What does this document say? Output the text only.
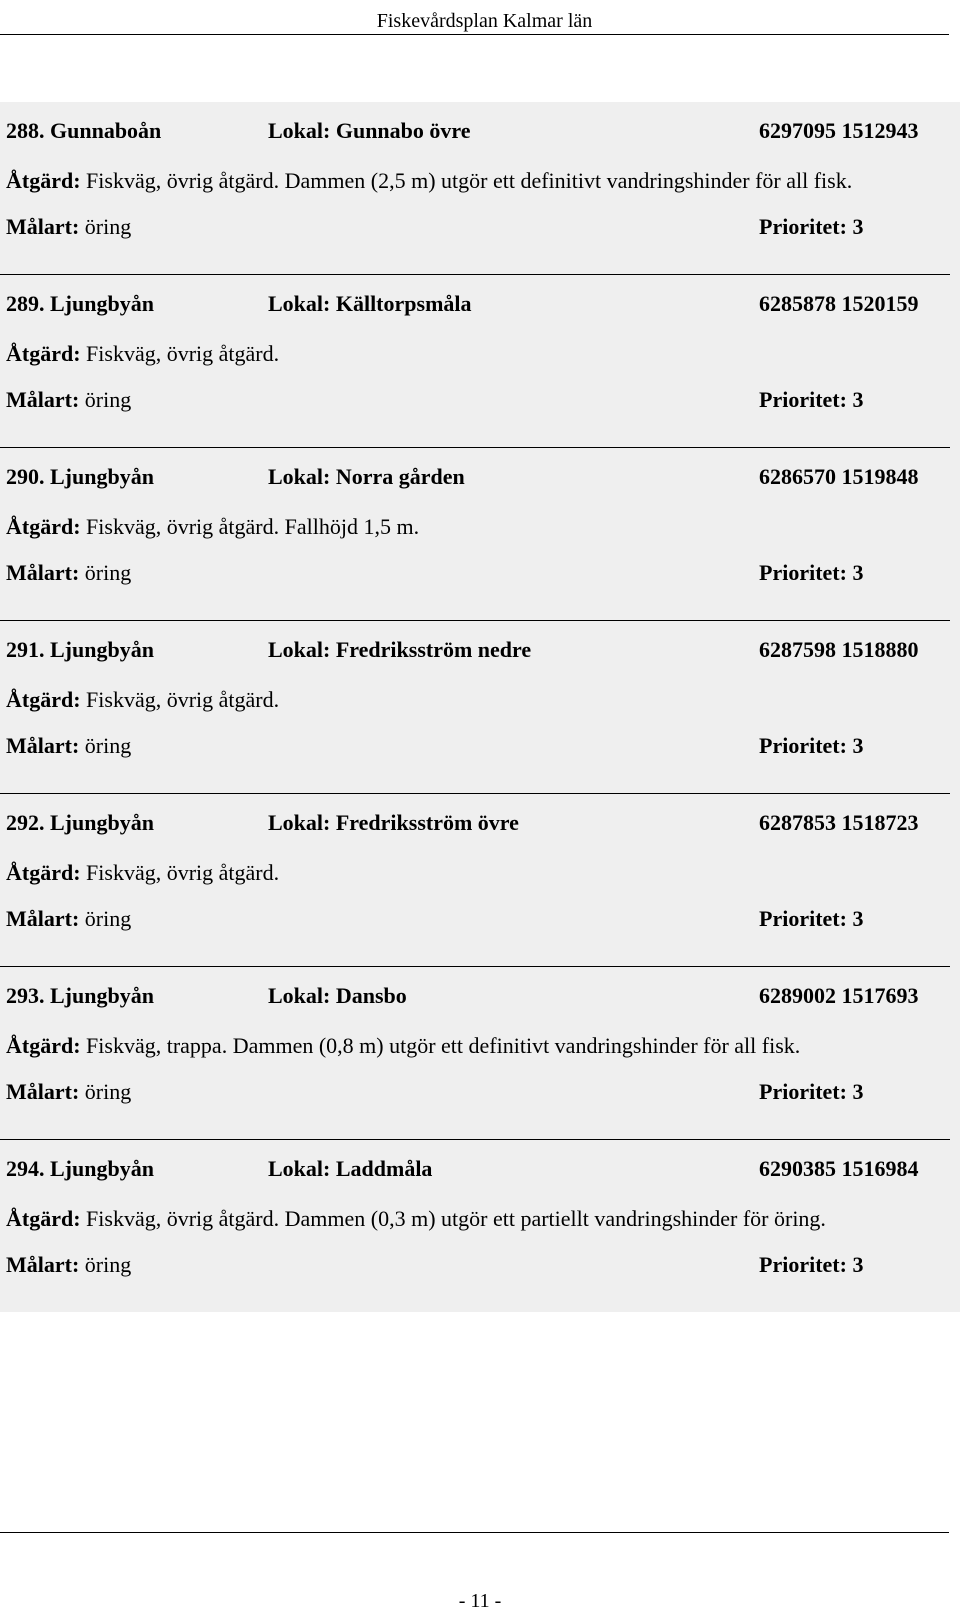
Fiskevårdsplan Kalmar län
288. Gunnaboån	Lokal: Gunnabo övre	6297095 1512943
Åtgärd: Fiskväg, övrig åtgärd. Dammen (2,5 m) utgör ett definitivt vandringshinder för all fisk.
Målart: öring	Prioritet: 3
289. Ljungbyån	Lokal: Källtorpsmåla	6285878 1520159
Åtgärd: Fiskväg, övrig åtgärd.
Målart: öring	Prioritet: 3
290. Ljungbyån	Lokal: Norra gården	6286570 1519848
Åtgärd: Fiskväg, övrig åtgärd. Fallhöjd 1,5 m.
Målart: öring	Prioritet: 3
291. Ljungbyån	Lokal: Fredriksström nedre	6287598 1518880
Åtgärd: Fiskväg, övrig åtgärd.
Målart: öring	Prioritet: 3
292. Ljungbyån	Lokal: Fredriksström övre	6287853 1518723
Åtgärd: Fiskväg, övrig åtgärd.
Målart: öring	Prioritet: 3
293. Ljungbyån	Lokal: Dansbo	6289002 1517693
Åtgärd: Fiskväg, trappa. Dammen (0,8 m) utgör ett definitivt vandringshinder för all fisk.
Målart: öring	Prioritet: 3
294. Ljungbyån	Lokal: Laddmåla	6290385 1516984
Åtgärd: Fiskväg, övrig åtgärd. Dammen (0,3 m) utgör ett partiellt vandringshinder för öring.
Målart: öring	Prioritet: 3
- 11 -
